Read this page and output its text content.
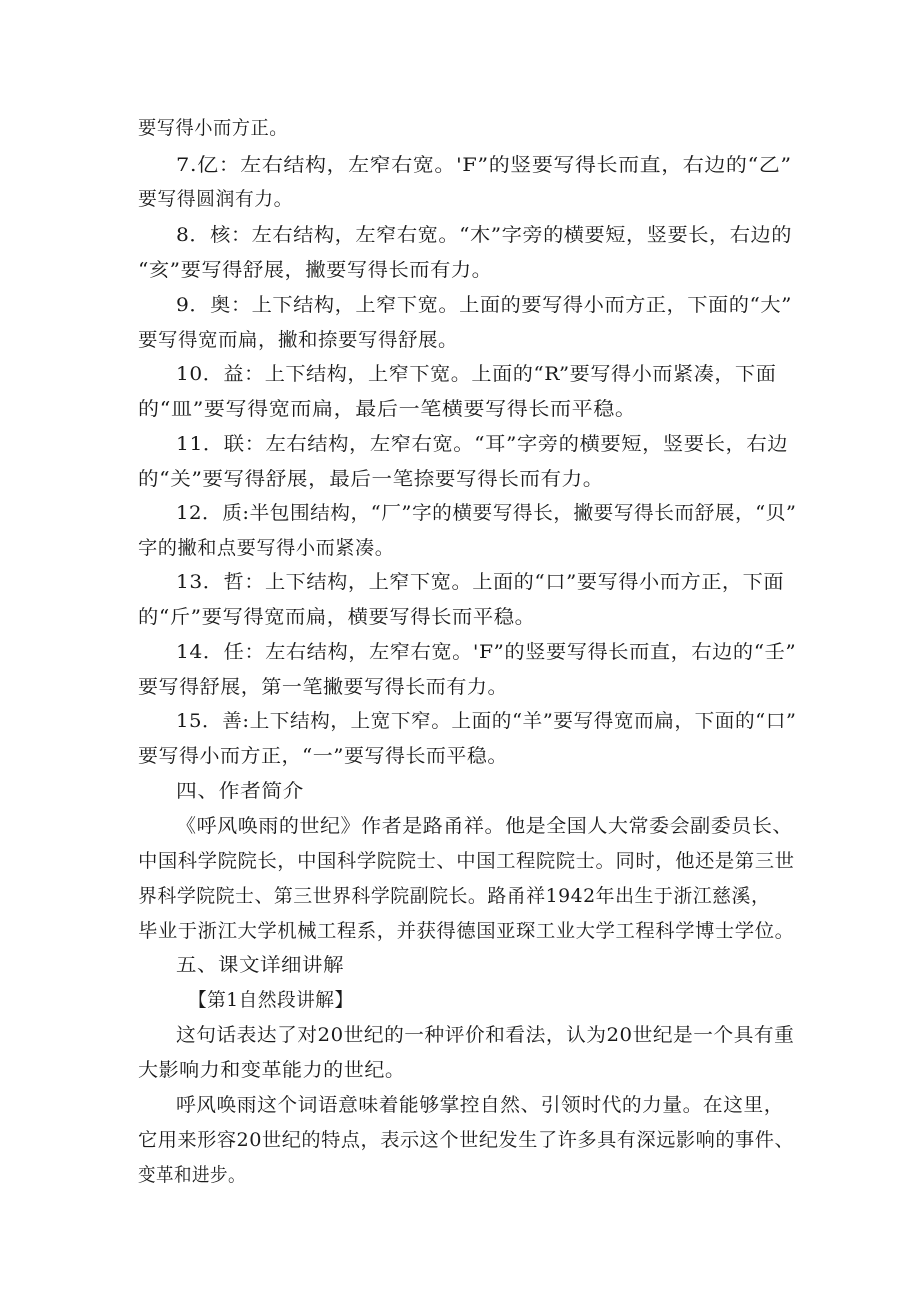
要写得小而方正。
7.亿：左右结构，左窄右宽。'F”的竖要写得长而直，右边的“乙”
要写得圆润有力。
8．核：左右结构，左窄右宽。“木”字旁的横要短，竖要长，右边的
“亥”要写得舒展，撇要写得长而有力。
9．奥：上下结构，上窄下宽。上面的要写得小而方正，下面的“大”
要写得宽而扁，撇和捺要写得舒展。
10．益：上下结构，上窄下宽。上面的“R”要写得小而紧凑，下面
的“皿”要写得宽而扁，最后一笔横要写得长而平稳。
11．联：左右结构，左窄右宽。“耳”字旁的横要短，竖要长，右边
的“关”要写得舒展，最后一笔捺要写得长而有力。
12．质:半包围结构，“厂”字的横要写得长，撇要写得长而舒展，“贝”
字的撇和点要写得小而紧凑。
13．哲：上下结构，上窄下宽。上面的“口”要写得小而方正，下面
的“斤”要写得宽而扁，横要写得长而平稳。
14．任：左右结构，左窄右宽。'F”的竖要写得长而直，右边的“壬”
要写得舒展，第一笔撇要写得长而有力。
15．善:上下结构，上宽下窄。上面的“羊”要写得宽而扁，下面的“口”
要写得小而方正，“一”要写得长而平稳。
四、作者简介
《呼风唤雨的世纪》作者是路甬祥。他是全国人大常委会副委员长、
中国科学院院长，中国科学院院士、中国工程院院士。同时，他还是第三世
界科学院院士、第三世界科学院副院长。路甬祥1942年出生于浙江慈溪，
毕业于浙江大学机械工程系，并获得德国亚琛工业大学工程科学博士学位。
五、课文详细讲解
【第1自然段讲解】
这句话表达了对20世纪的一种评价和看法，认为20世纪是一个具有重
大影响力和变革能力的世纪。
呼风唤雨这个词语意味着能够掌控自然、引领时代的力量。在这里，
它用来形容20世纪的特点，表示这个世纪发生了许多具有深远影响的事件、
变革和进步。
